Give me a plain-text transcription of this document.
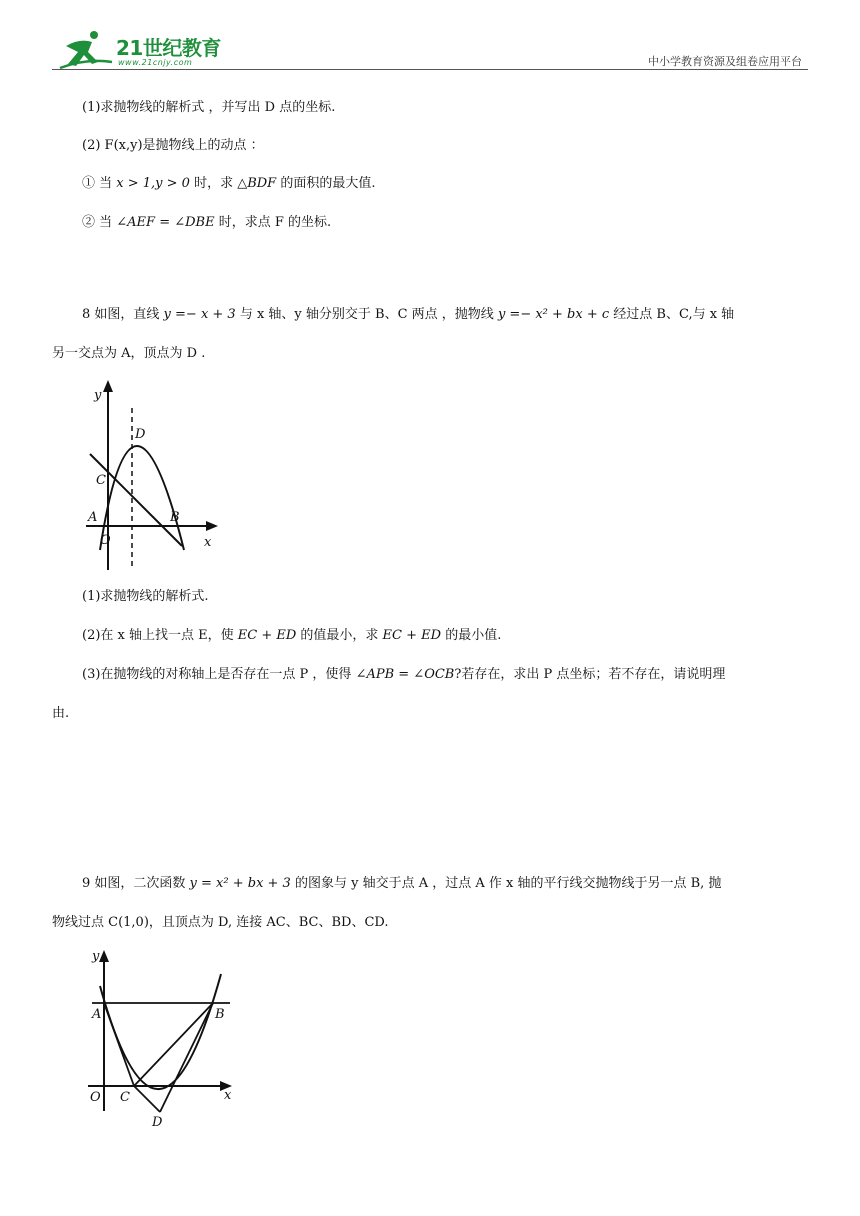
21世纪教育
www.21cnjy.com	中小学教育资源及组卷应用平台
(1)求抛物线的解析式 ，并写出 D 点的坐标.
(2) F(x,y)是抛物线上的动点 ：
① 当 x > 1,y > 0 时，求 △BDF 的面积的最大值.
② 当 ∠AEF = ∠DBE 时，求点 F 的坐标.
8 如图，直线 y =− x + 3 与 x 轴、y 轴分别交于 B、C 两点 ，抛物线 y =− x² + bx + c 经过点 B、C,与 x 轴
另一交点为 A，顶点为 D .
y
x
D
C
A
O
B
(1)求抛物线的解析式.
(2)在 x 轴上找一点 E，使 EC + ED 的值最小，求 EC + ED 的最小值.
(3)在抛物线的对称轴上是否存在一点 P ，使得 ∠APB = ∠OCB?若存在，求出 P 点坐标；若不存在，请说明理
由.
9 如图，二次函数 y = x² + bx + 3 的图象与 y 轴交于点 A ，过点 A 作 x 轴的平行线交抛物线于另一点 B, 抛
物线过点 C(1,0)，且顶点为 D, 连接 AC、BC、BD、CD.
y
x
A	B
O C
D
